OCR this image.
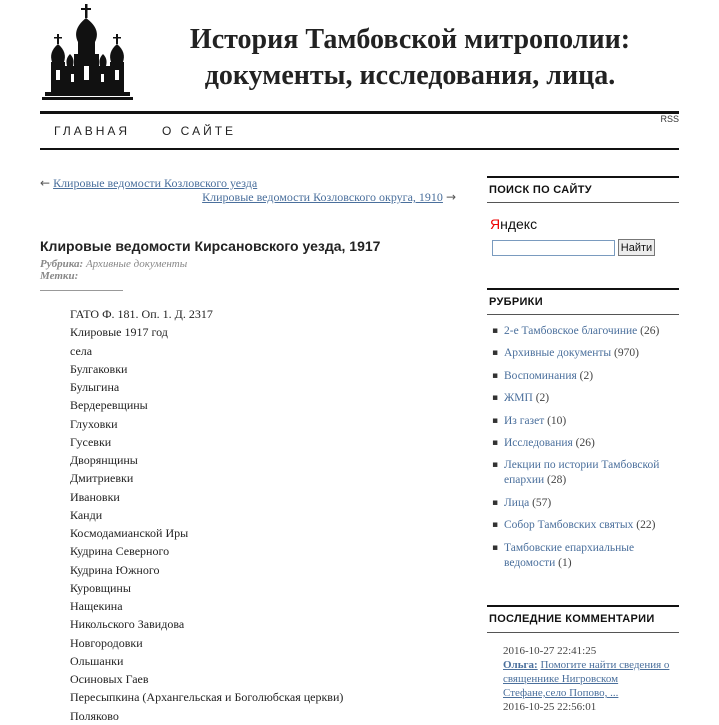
История Тамбовской митрополии:
документы, исследования, лица.
RSS
ГЛАВНАЯ	О САЙТЕ
← Клировые ведомости Козловского уезда
Клировые ведомости Козловского округа, 1910 →
Клировые ведомости Кирсановского уезда, 1917
Рубрика: Архивные документы
Метки:
ГАТО Ф. 181. Оп. 1. Д. 2317
Клировые 1917 год
села
Булгаковки
Булыгина
Вердеревщины
Глуховки
Гусевки
Дворянщины
Дмитриевки
Ивановки
Канди
Космодамианской Иры
Кудрина Северного
Кудрина Южного
Куровщины
Нащекина
Никольского Завидова
Новгородовки
Ольшанки
Осиновых Гаев
Пересыпкина (Архангельская и Боголюбская церкви)
Поляково
ПОИСК ПО САЙТУ
Яндекс
Найти
РУБРИКИ
▪ 2-е Тамбовское благочиние (26)
▪ Архивные документы (970)
▪ Воспоминания (2)
▪ ЖМП (2)
▪ Из газет (10)
▪ Исследования (26)
▪ Лекции по истории Тамбовской епархии (28)
▪ Лица (57)
▪ Собор Тамбовских святых (22)
▪ Тамбовские епархиальные ведомости (1)
ПОСЛЕДНИЕ КОММЕНТАРИИ
2016-10-27 22:41:25
Ольга: Помогите найти сведения о священнике Нигровском Стефане,село Попово, ...
2016-10-25 22:56:01
